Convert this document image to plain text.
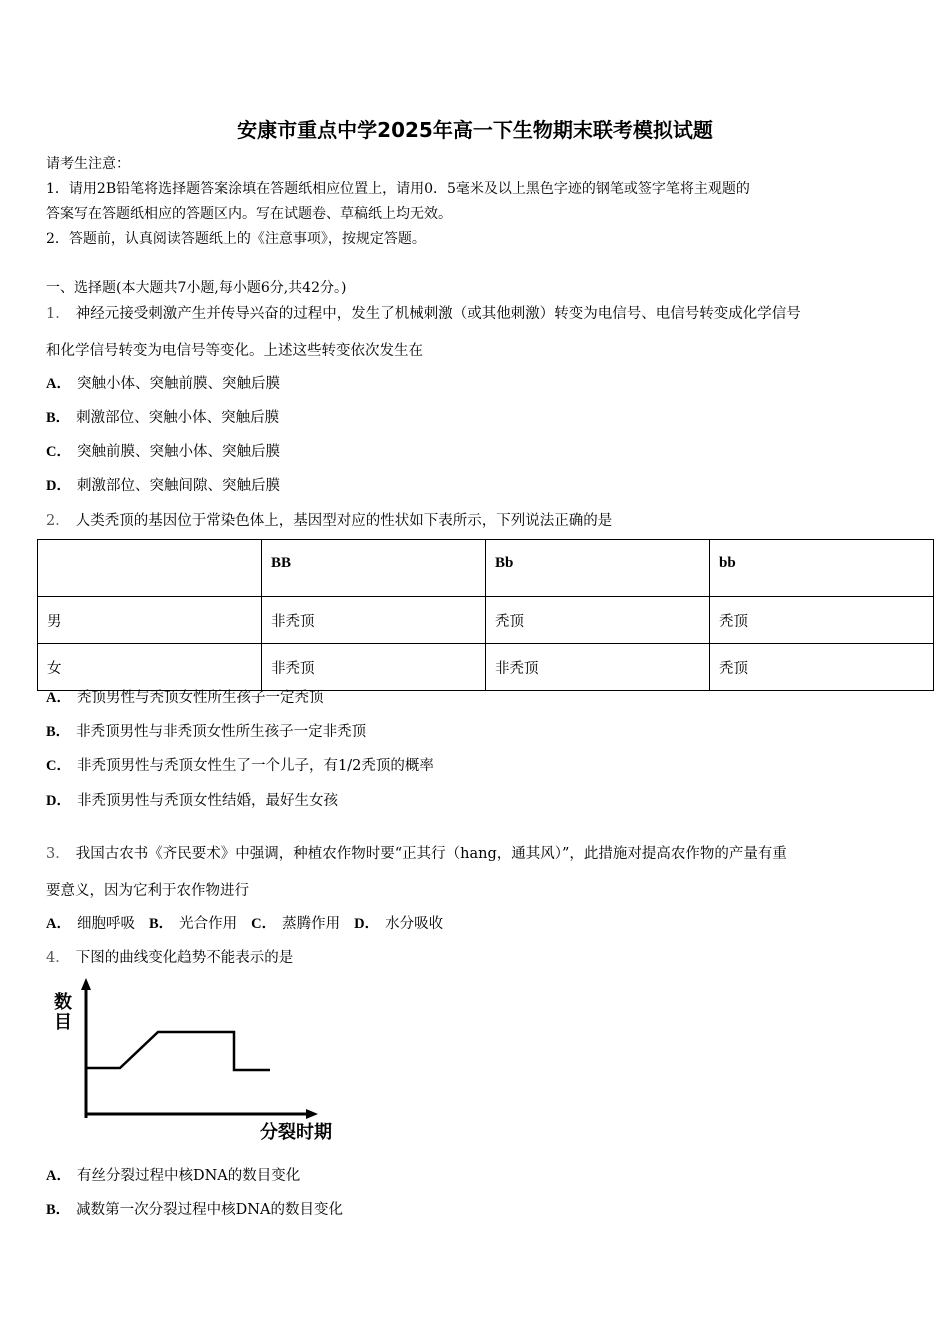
安康市重点中学2025年高一下生物期末联考模拟试题
请考生注意：
1．请用2B铅笔将选择题答案涂填在答题纸相应位置上，请用0．5毫米及以上黑色字迹的钢笔或签字笔将主观题的
答案写在答题纸相应的答题区内。写在试题卷、草稿纸上均无效。
2．答题前，认真阅读答题纸上的《注意事项》，按规定答题。
一、选择题(本大题共7小题,每小题6分,共42分。)
1． 神经元接受刺激产生并传导兴奋的过程中，发生了机械刺激（或其他刺激）转变为电信号、电信号转变成化学信号
和化学信号转变为电信号等变化。上述这些转变依次发生在
A． 突触小体、突触前膜、突触后膜
B． 刺激部位、突触小体、突触后膜
C． 突触前膜、突触小体、突触后膜
D． 刺激部位、突触间隙、突触后膜
2． 人类秃顶的基因位于常染色体上，基因型对应的性状如下表所示，下列说法正确的是
	BB	Bb	bb
男	非秃顶	秃顶	秃顶
女	非秃顶	非秃顶	秃顶
A． 秃顶男性与秃顶女性所生孩子一定秃顶
B． 非秃顶男性与非秃顶女性所生孩子一定非秃顶
C． 非秃顶男性与秃顶女性生了一个儿子，有1/2秃顶的概率
D． 非秃顶男性与秃顶女性结婚，最好生女孩
3． 我国古农书《齐民要术》中强调，种植农作物时要“正其行（hang，通其风）”，此措施对提高农作物的产量有重
要意义，因为它利于农作物进行
A． 细胞呼吸 B． 光合作用 C． 蒸腾作用 D． 水分吸收
4． 下图的曲线变化趋势不能表示的是
数 目
分裂时期
A． 有丝分裂过程中核DNA的数目变化
B． 减数第一次分裂过程中核DNA的数目变化
